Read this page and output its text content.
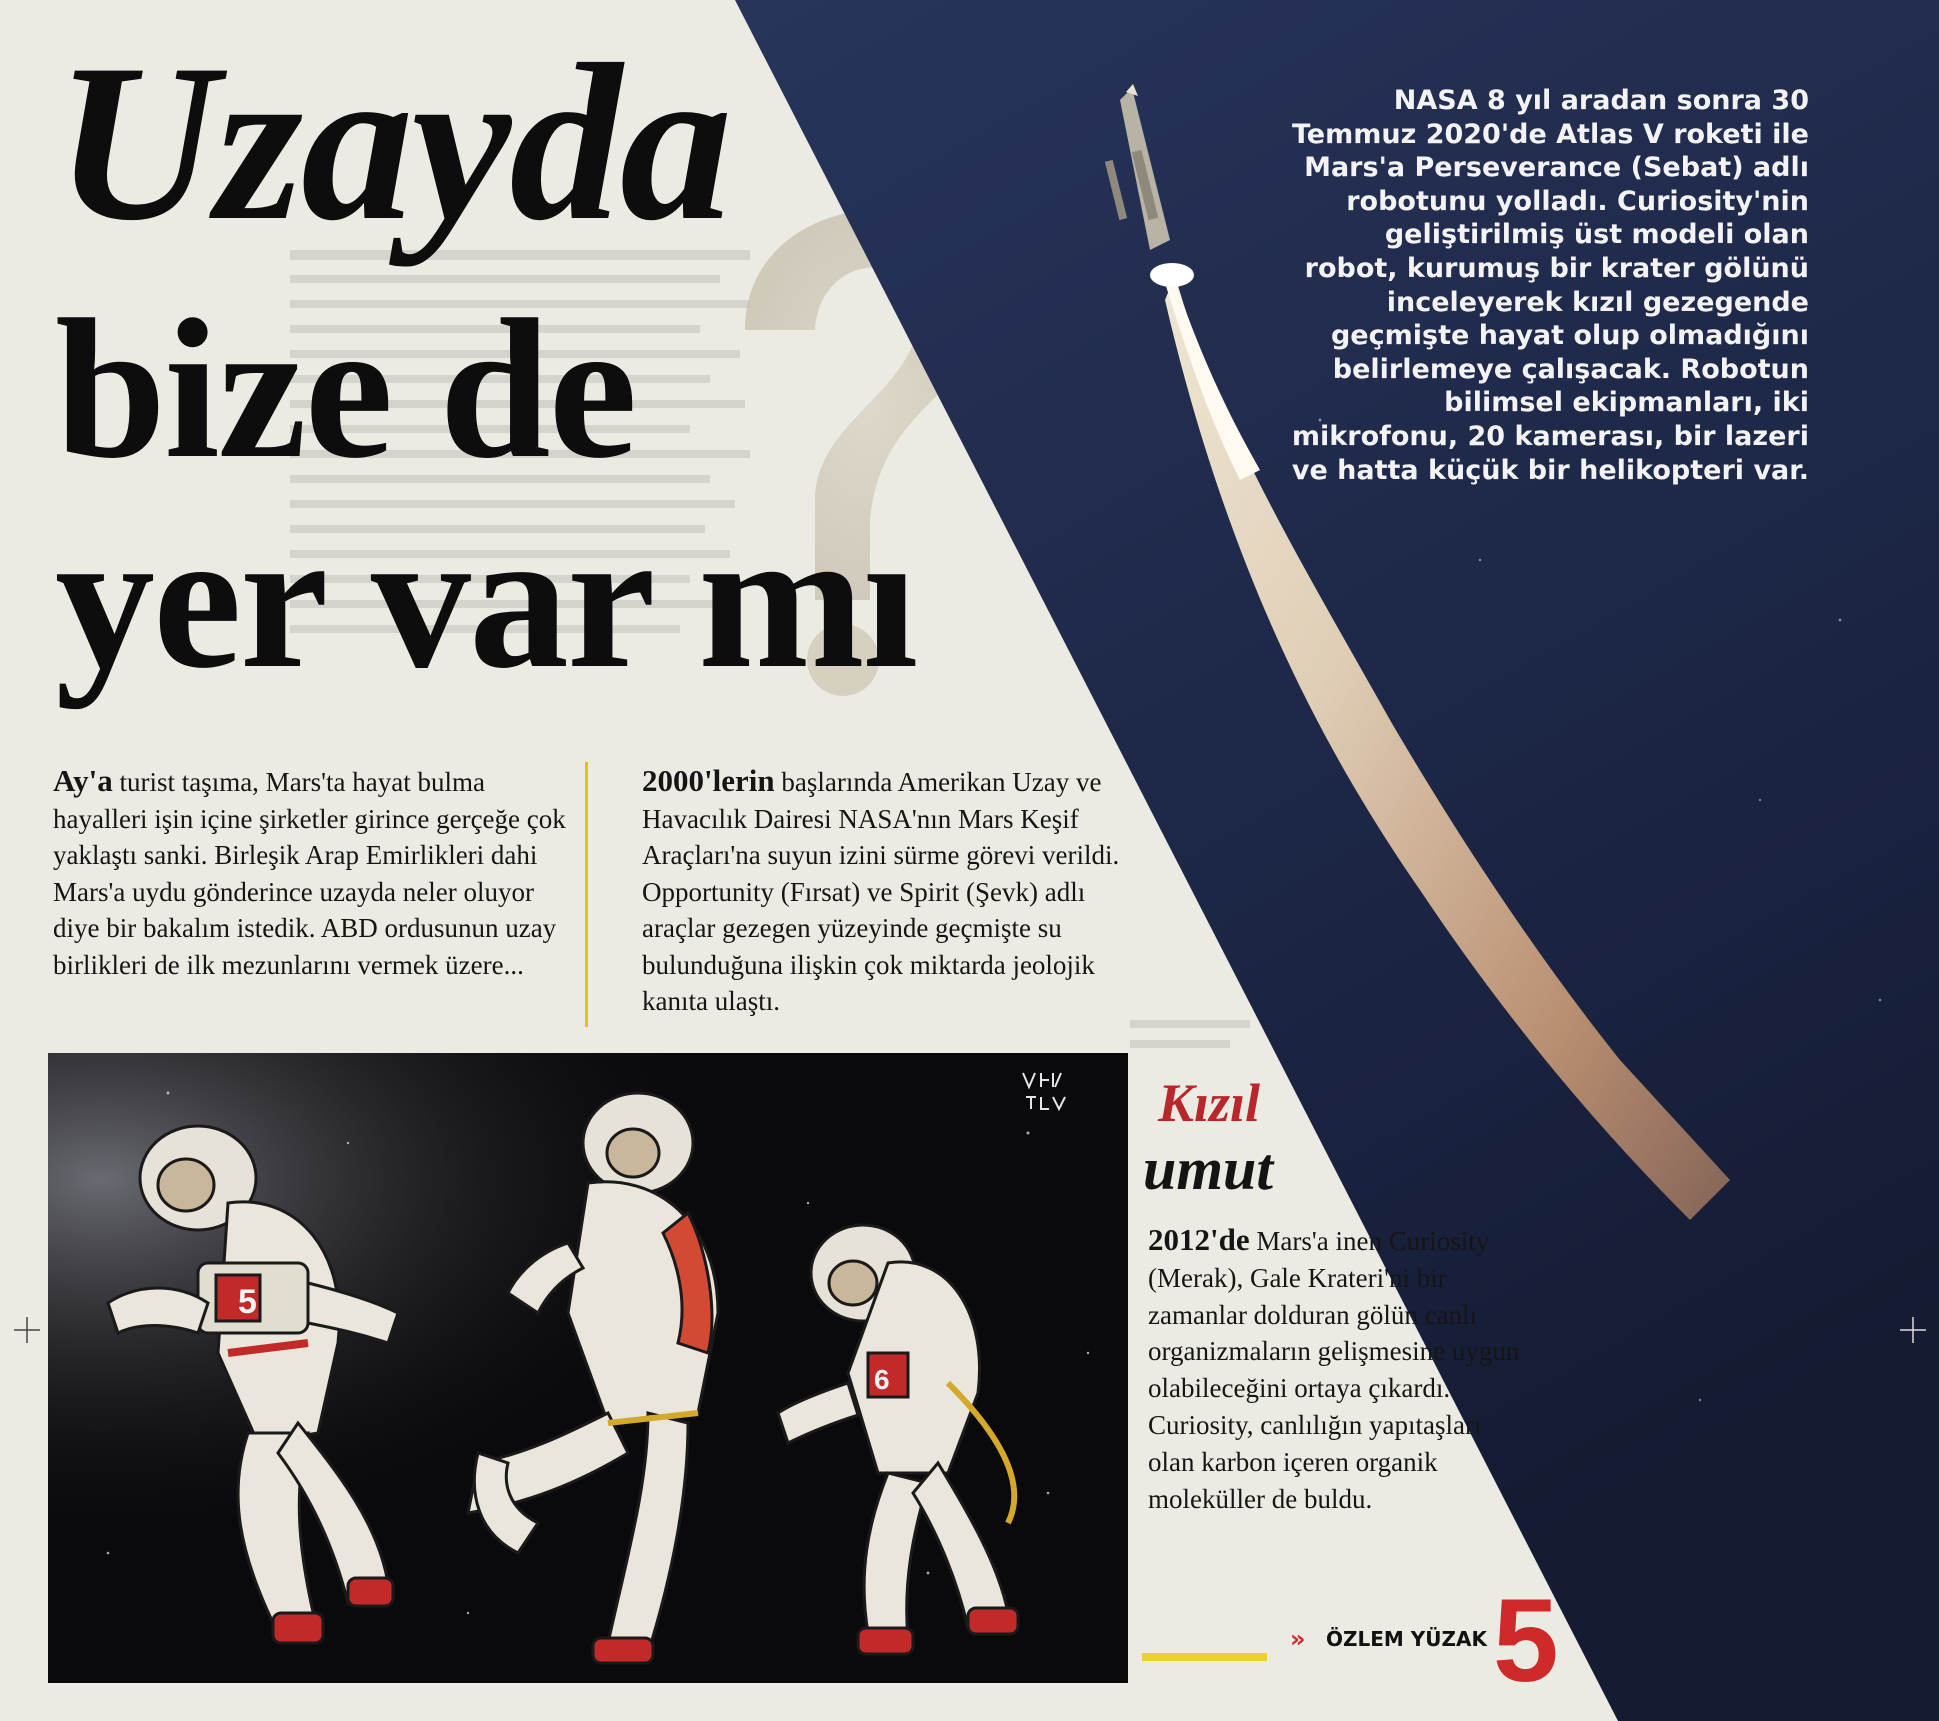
Uzayda
bize de
yer var mı

NASA 8 yıl aradan sonra 30 Temmuz 2020'de Atlas V roketi ile Mars'a Perseverance (Sebat) adlı robotunu yolladı. Curiosity'nin geliştirilmiş üst modeli olan robot, kurumuş bir krater gölünü inceleyerek kızıl gezegende geçmişte hayat olup olmadığını belirlemeye çalışacak. Robotun bilimsel ekipmanları, iki mikrofonu, 20 kamerası, bir lazeri ve hatta küçük bir helikopteri var.

Ay'a turist taşıma, Mars'ta hayat bulma hayalleri işin içine şirketler girince gerçeğe çok yaklaştı sanki. Birleşik Arap Emirlikleri dahi Mars'a uydu gönderince uzayda neler oluyor diye bir bakalım istedik. ABD ordusunun uzay birlikleri de ilk mezunlarını vermek üzere...
2000'lerin başlarında Amerikan Uzay ve Havacılık Dairesi NASA'nın Mars Keşif Araçları'na suyun izini sürme görevi verildi. Opportunity (Fırsat) ve Spirit (Şevk) adlı araçlar gezegen yüzeyinde geçmişte su bulunduğuna ilişkin çok miktarda jeolojik kanıta ulaştı.
5
6
Kızıl
umut
2012'de Mars'a inen Curiosity (Merak), Gale Krateri'ni bir zamanlar dolduran gölün canlı organizmaların gelişmesine uygun olabileceğini ortaya çıkardı. Curiosity, canlılığın yapıtaşları olan karbon içeren organik moleküller de buldu.
» ÖZLEM YÜZAK 5
